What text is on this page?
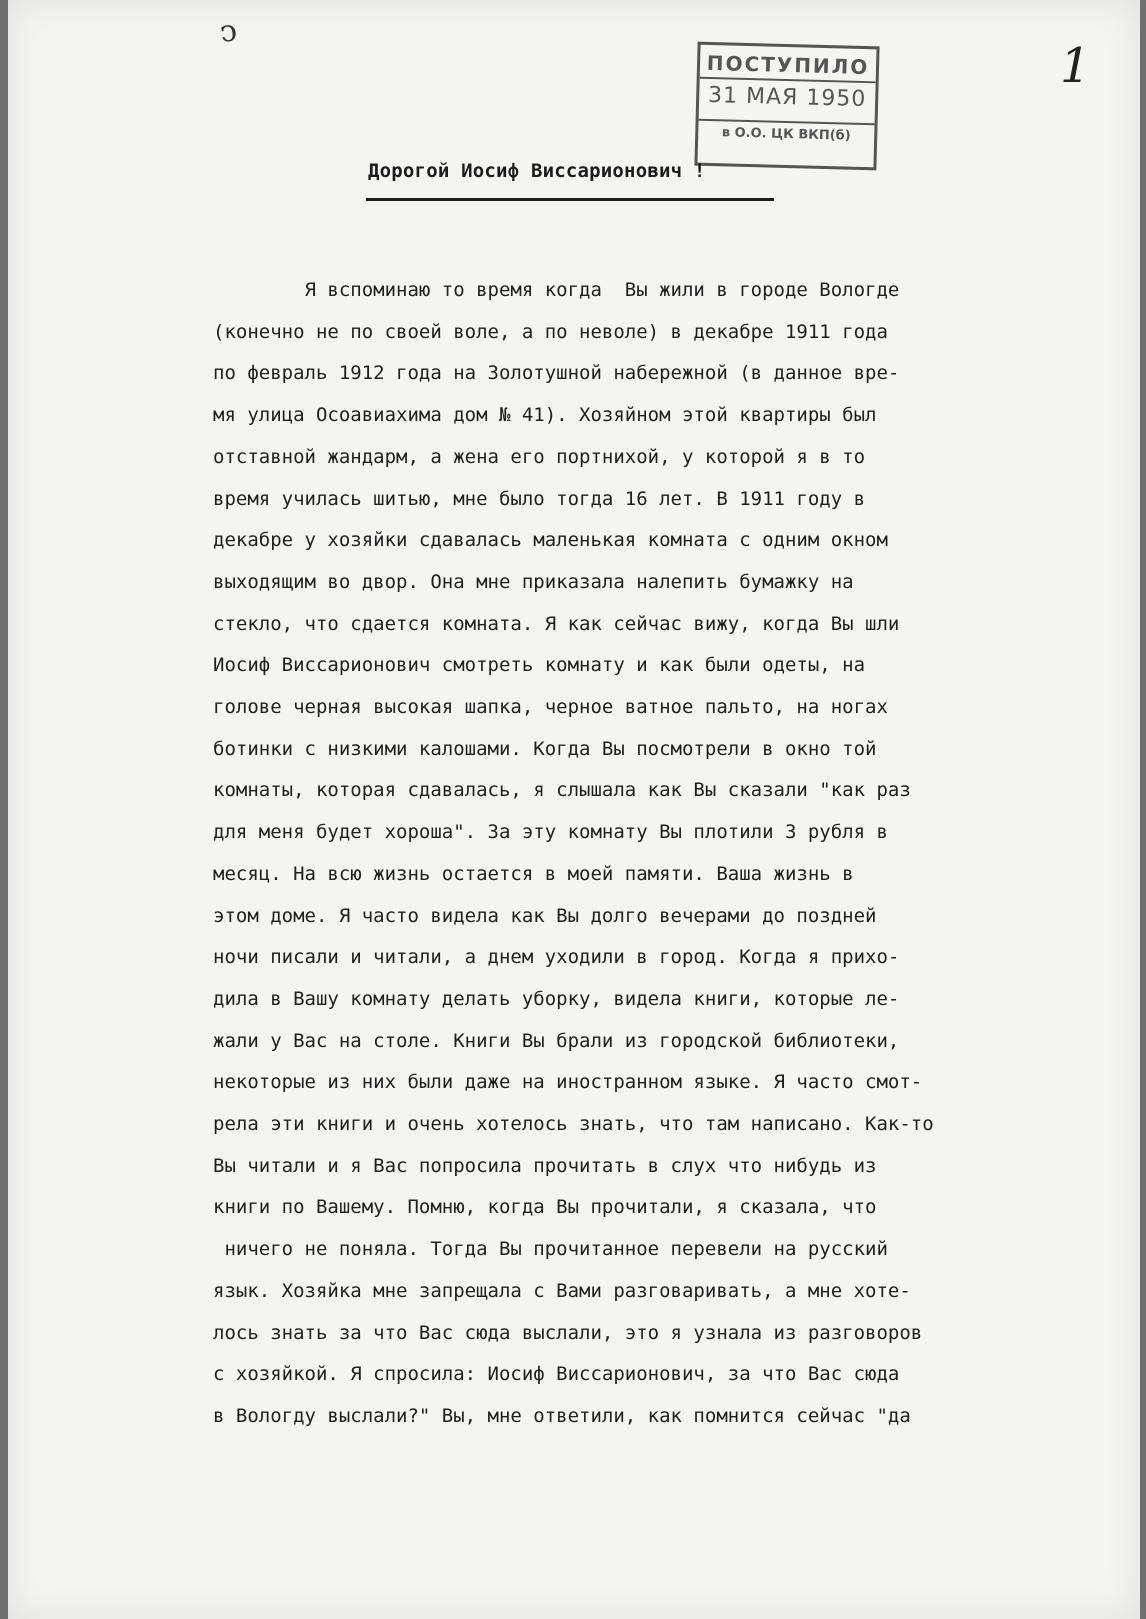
ↄ
1
ПОСТУПИЛО
31 МАЯ 1950
в О.О. ЦК ВКП(б)
Дорогой Иосиф Виссарионович !
Я вспоминаю то время когда  Вы жили в городе Вологде
(конечно не по своей воле, а по неволе) в декабре 1911 года
по февраль 1912 года на Золотушной набережной (в данное вре-
мя улица Осоавиахима дом № 41). Хозяйном этой квартиры был
отставной жандарм, а жена его портнихой, у которой я в то
время училась шитью, мне было тогда 16 лет. В 1911 году в
декабре у хозяйки сдавалась маленькая комната с одним окном
выходящим во двор. Она мне приказала налепить бумажку на
стекло, что сдается комната. Я как сейчас вижу, когда Вы шли
Иосиф Виссарионович смотреть комнату и как были одеты, на
голове черная высокая шапка, черное ватное пальто, на ногах
ботинки с низкими калошами. Когда Вы посмотрели в окно той
комнаты, которая сдавалась, я слышала как Вы сказали "как раз
для меня будет хороша". За эту комнату Вы плотили 3 рубля в
месяц. На всю жизнь остается в моей памяти. Ваша жизнь в
этом доме. Я часто видела как Вы долго вечерами до поздней
ночи писали и читали, а днем уходили в город. Когда я прихо-
дила в Вашу комнату делать уборку, видела книги, которые ле-
жали у Вас на столе. Книги Вы брали из городской библиотеки,
некоторые из них были даже на иностранном языке. Я часто смот-
рела эти книги и очень хотелось знать, что там написано. Как-то
Вы читали и я Вас попросила прочитать в слух что нибудь из
книги по Вашему. Помню, когда Вы прочитали, я сказала, что
ничего не поняла. Тогда Вы прочитанное перевели на русский
язык. Хозяйка мне запрещала с Вами разговаривать, а мне хоте-
лось знать за что Вас сюда выслали, это я узнала из разговоров
с хозяйкой. Я спросила: Иосиф Виссарионович, за что Вас сюда
в Вологду выслали?" Вы, мне ответили, как помнится сейчас "да
